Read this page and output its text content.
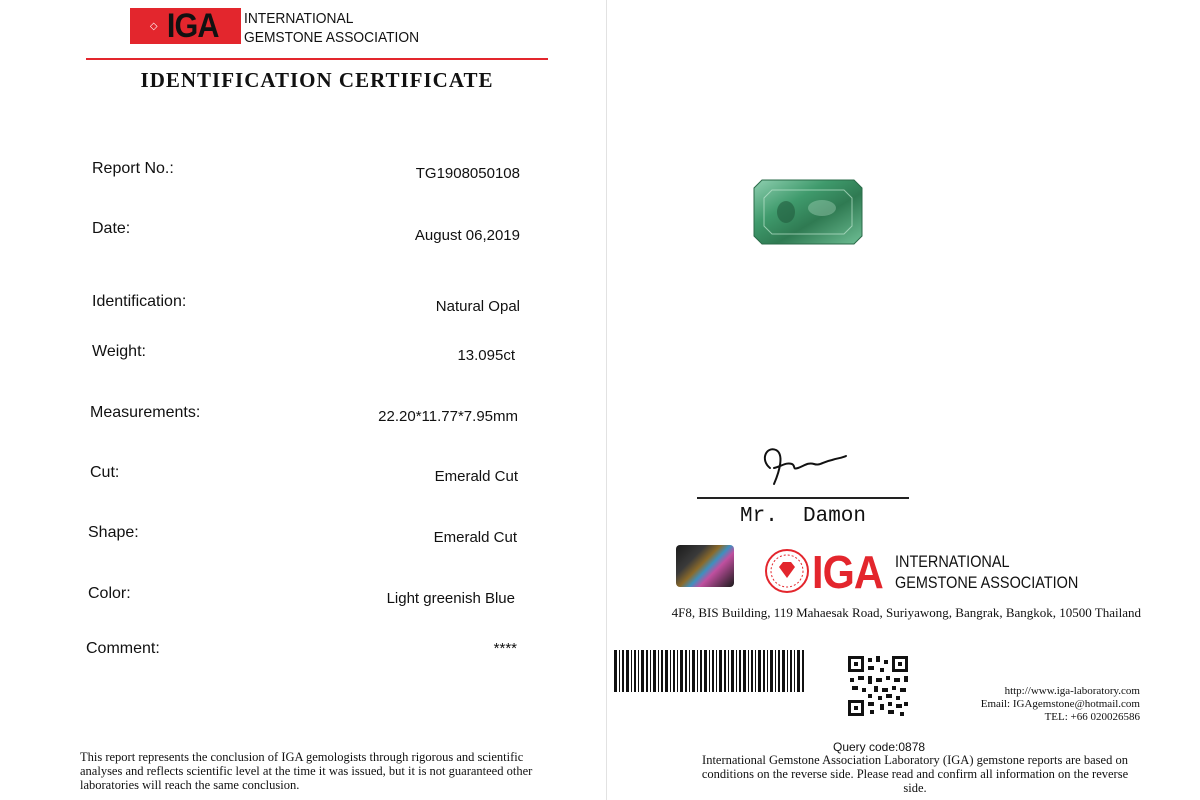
◇ IGA INTERNATIONAL
GEMSTONE ASSOCIATION
IDENTIFICATION CERTIFICATE
Report No.:	TG1908050108
Date:	August 06,2019
Identification:	Natural Opal
Weight:	13.095ct
Measurements:	22.20*11.77*7.95mm
Cut:	Emerald Cut
Shape:	Emerald Cut
Color:	Light greenish Blue
Comment:	****
This report represents the conclusion of IGA gemologists through rigorous and scientific analyses and reflects scientific level at the time it was issued, but it is not guaranteed other laboratories will reach the same conclusion.
Mr.  Damon
IGA INTERNATIONAL
GEMSTONE ASSOCIATION
4F8, BIS Building, 119 Mahaesak Road, Suriyawong, Bangrak, Bangkok, 10500 Thailand
http://www.iga-laboratory.com
Email: IGAgemstone@hotmail.com
TEL: +66 020026586
Query code:0878
International Gemstone Association Laboratory (IGA) gemstone reports are based on conditions on the reverse side. Please read and confirm all information on the reverse side.
